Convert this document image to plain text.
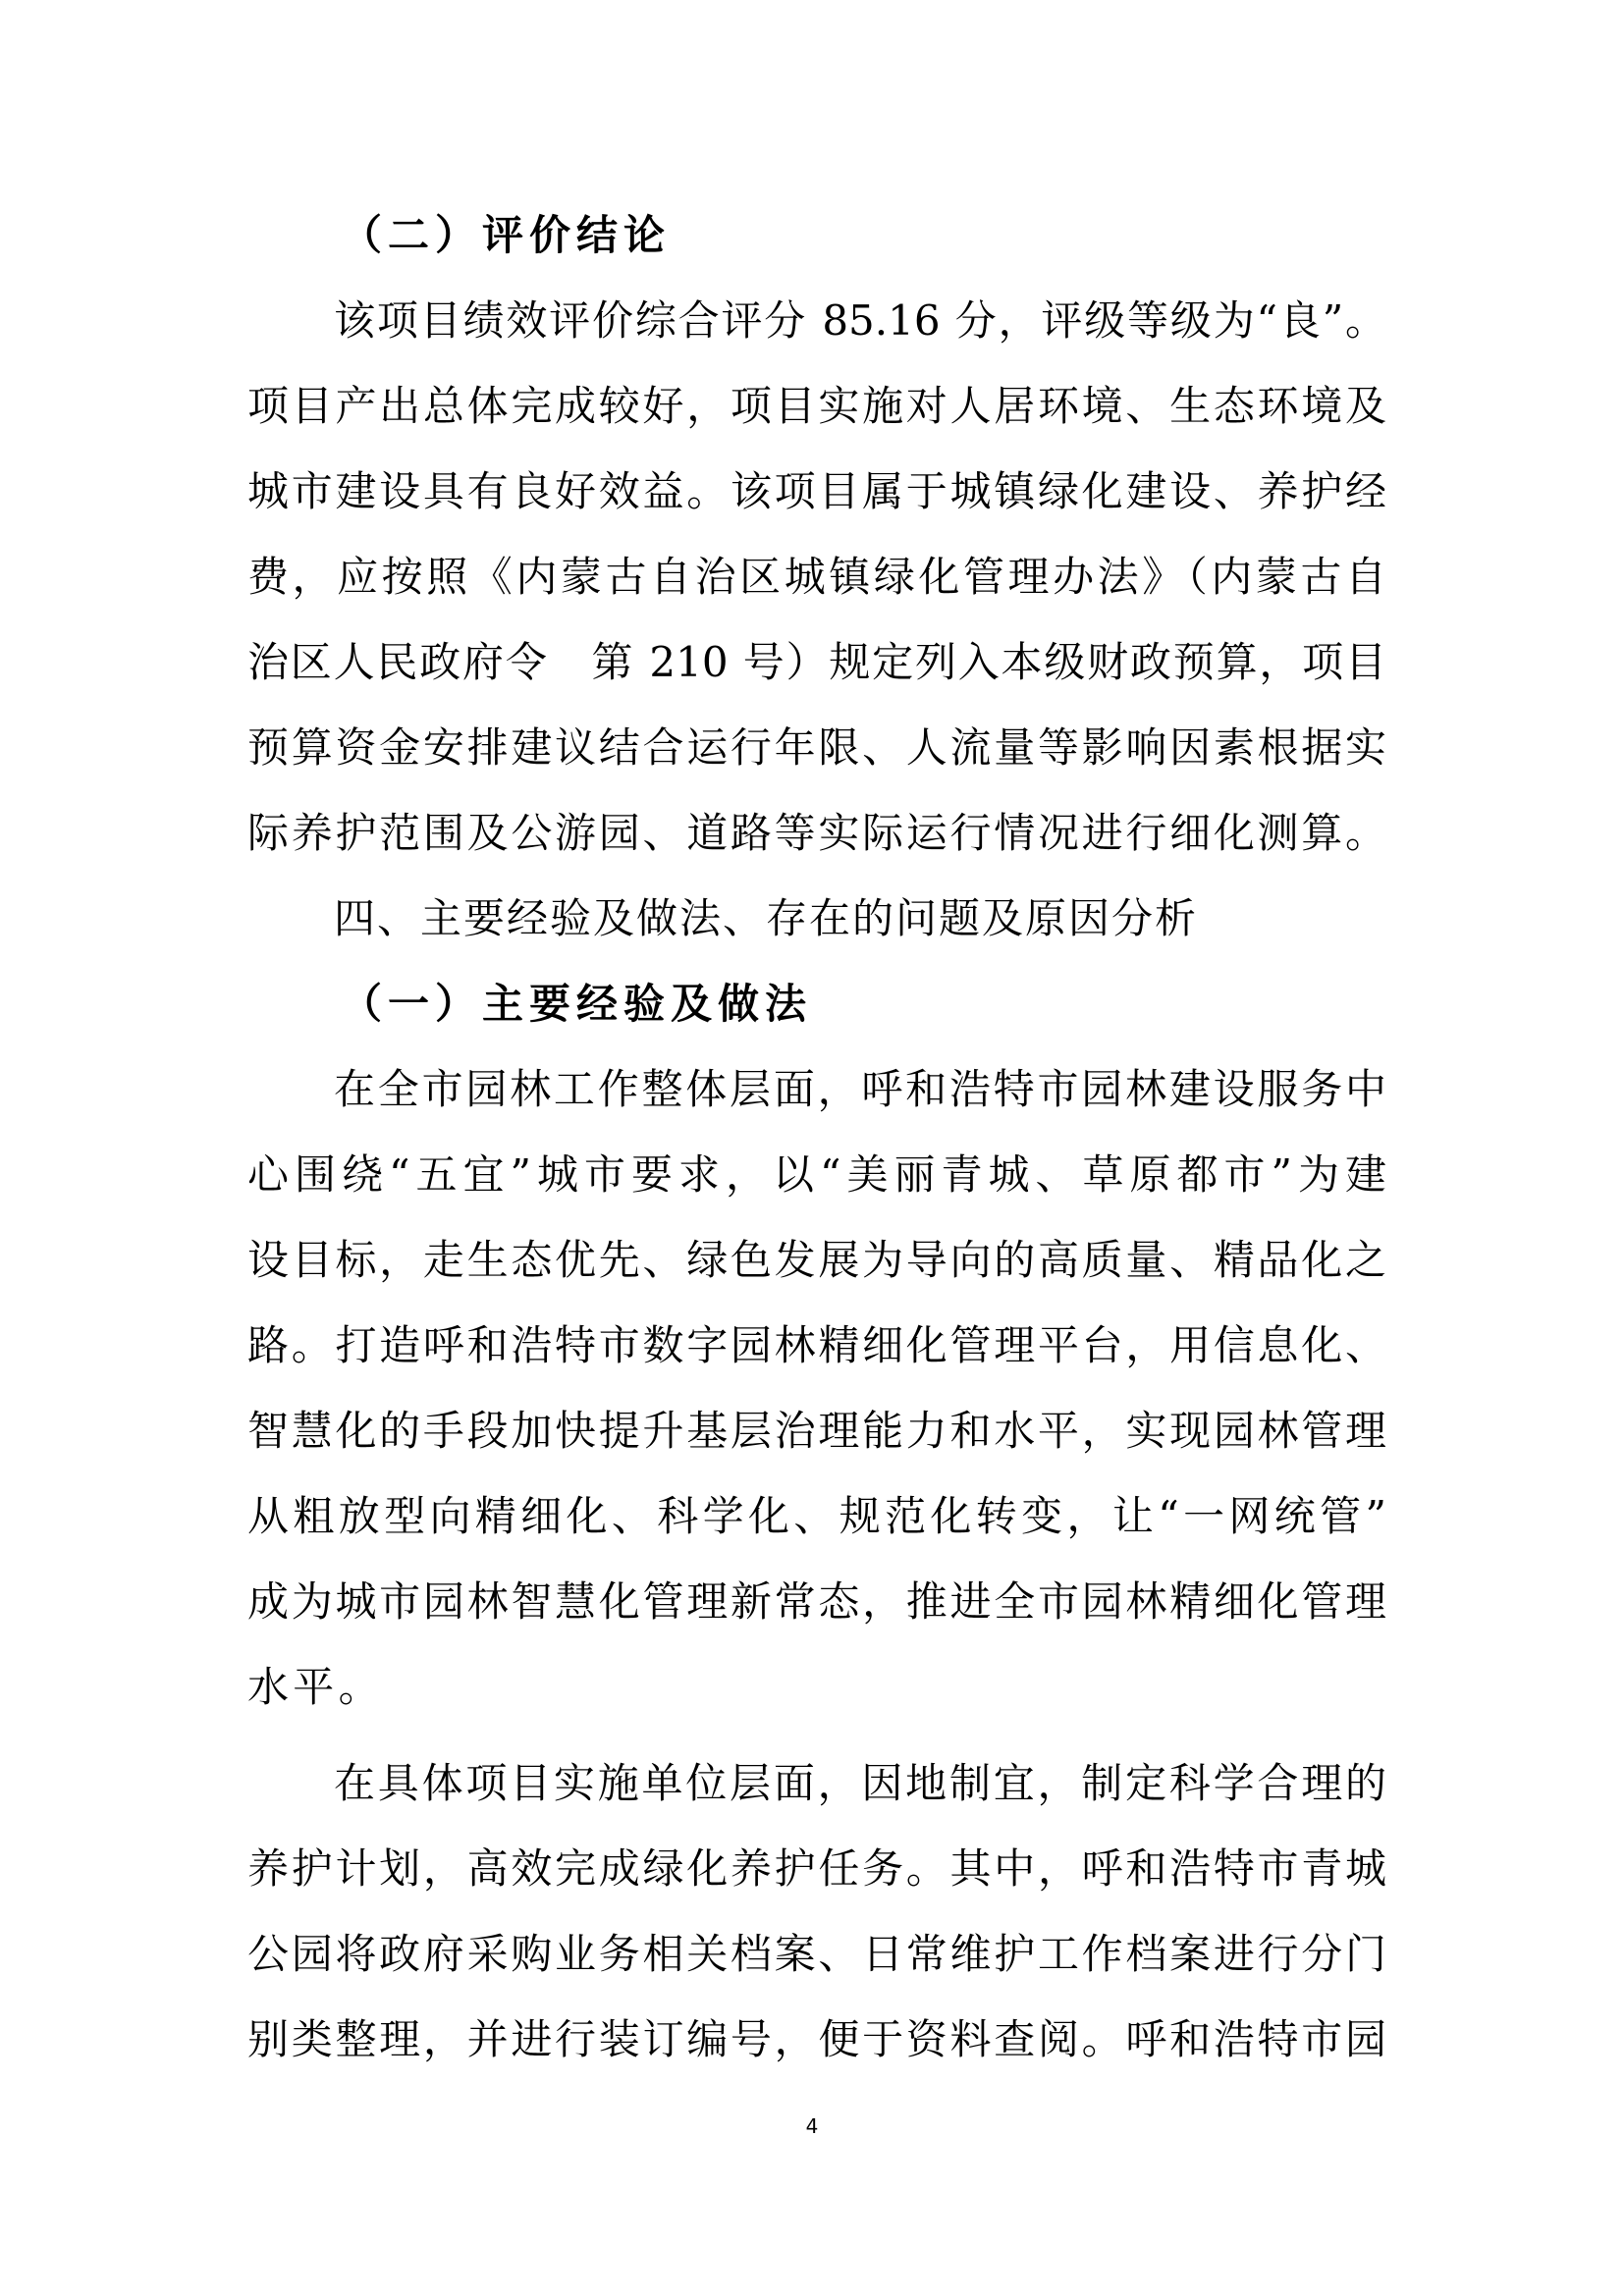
（二）评价结论
该项目绩效评价综合评分 85.16 分，评级等级为“良”。
项目产出总体完成较好，项目实施对人居环境、生态环境及
城市建设具有良好效益。该项目属于城镇绿化建设、养护经
费，应按照《内蒙古自治区城镇绿化管理办法》（内蒙古自
治区人民政府令　第 210 号）规定列入本级财政预算，项目
预算资金安排建议结合运行年限、人流量等影响因素根据实
际养护范围及公游园、道路等实际运行情况进行细化测算。
四、主要经验及做法、存在的问题及原因分析
（一）主要经验及做法
在全市园林工作整体层面，呼和浩特市园林建设服务中
心围绕“五宜”城市要求，以“美丽青城、草原都市”为建
设目标，走生态优先、绿色发展为导向的高质量、精品化之
路。打造呼和浩特市数字园林精细化管理平台，用信息化、
智慧化的手段加快提升基层治理能力和水平，实现园林管理
从粗放型向精细化、科学化、规范化转变，让“一网统管”
成为城市园林智慧化管理新常态，推进全市园林精细化管理
水平。
在具体项目实施单位层面，因地制宜，制定科学合理的
养护计划，高效完成绿化养护任务。其中，呼和浩特市青城
公园将政府采购业务相关档案、日常维护工作档案进行分门
别类整理，并进行装订编号，便于资料查阅。呼和浩特市园
4
